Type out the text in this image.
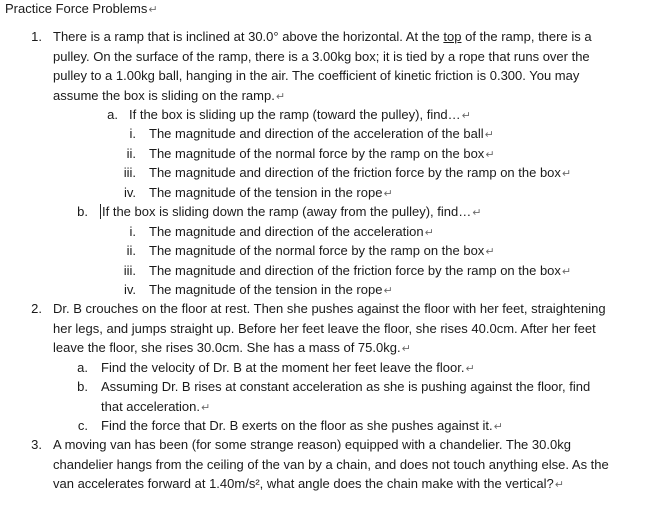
Practice Force Problems↵
1. There is a ramp that is inclined at 30.0° above the horizontal. At the top of the ramp, there is a
pulley. On the surface of the ramp, there is a 3.00kg box; it is tied by a rope that runs over the
pulley to a 1.00kg ball, hanging in the air. The coefficient of kinetic friction is 0.300. You may
assume the box is sliding on the ramp.↵
a. If the box is sliding up the ramp (toward the pulley), find…↵
i. The magnitude and direction of the acceleration of the ball↵
ii. The magnitude of the normal force by the ramp on the box↵
iii. The magnitude and direction of the friction force by the ramp on the box↵
iv. The magnitude of the tension in the rope↵
b. If the box is sliding down the ramp (away from the pulley), find…↵
i. The magnitude and direction of the acceleration↵
ii. The magnitude of the normal force by the ramp on the box↵
iii. The magnitude and direction of the friction force by the ramp on the box↵
iv. The magnitude of the tension in the rope↵
2. Dr. B crouches on the floor at rest. Then she pushes against the floor with her feet, straightening
her legs, and jumps straight up. Before her feet leave the floor, she rises 40.0cm. After her feet
leave the floor, she rises 30.0cm. She has a mass of 75.0kg.↵
a. Find the velocity of Dr. B at the moment her feet leave the floor.↵
b. Assuming Dr. B rises at constant acceleration as she is pushing against the floor, find
that acceleration.↵
c. Find the force that Dr. B exerts on the floor as she pushes against it.↵
3. A moving van has been (for some strange reason) equipped with a chandelier. The 30.0kg
chandelier hangs from the ceiling of the van by a chain, and does not touch anything else. As the
van accelerates forward at 1.40m/s², what angle does the chain make with the vertical?↵
